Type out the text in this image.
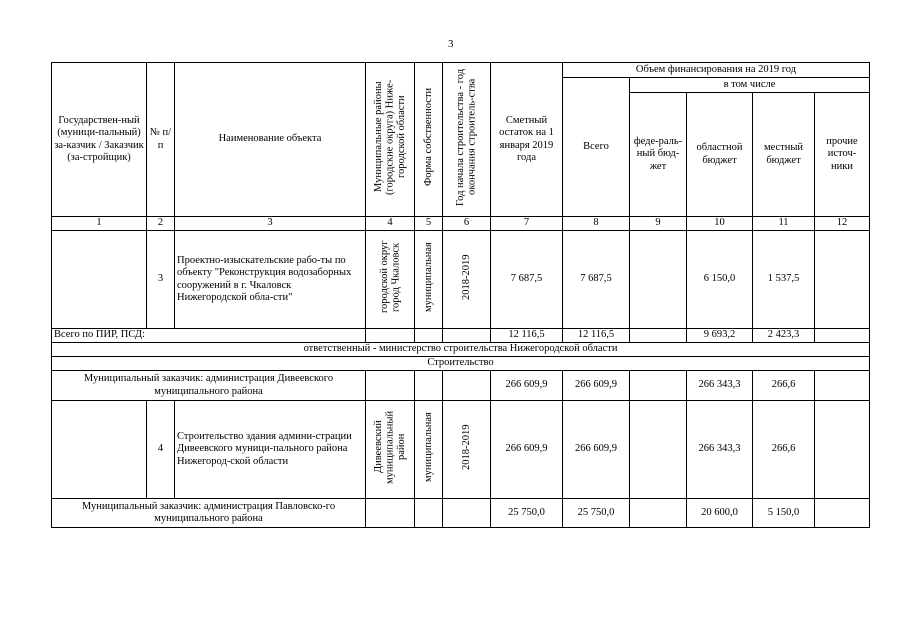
3
Государствен-ный (муници-пальный) за-казчик / Заказчик (за-стройщик)	№ п/п	Наименование объекта	Муниципальные районы (городские округа) Ниже-городской области	Форма собственности	Год начала строительства - год окончания строитель-ства	Сметный остаток на 1 января 2019 года	Объем финансирования на 2019 год				
							Всего	в том числе			
								феде-раль-ный бюд-жет	областной бюджет	местный бюджет	прочие источ-ники
1	2	3	4	5	6	7	8	9	10	11	12
	3	Проектно-изыскательские рабо-ты по объекту "Реконструкция водозаборных сооружений в г. Чкаловск Нижегородской обла-сти"	городской округ город Чкаловск	муниципальная	2018-2019	7 687,5	7 687,5		6 150,0	1 537,5	
Всего по ПИР, ПСД:						12 116,5	12 116,5		9 693,2	2 423,3	
ответственный - министерство строительства Нижегородской области											
Строительство											
Муниципальный заказчик: администрация Дивеевского муниципального района						266 609,9	266 609,9		266 343,3	266,6	
	4	Строительство здания админи-страции Дивеевского муници-пального района Нижегород-ской области	Дивеевский муниципальный район	муниципальная	2018-2019	266 609,9	266 609,9		266 343,3	266,6	
Муниципальный заказчик: администрация Павловско-го муниципального района						25 750,0	25 750,0		20 600,0	5 150,0	
